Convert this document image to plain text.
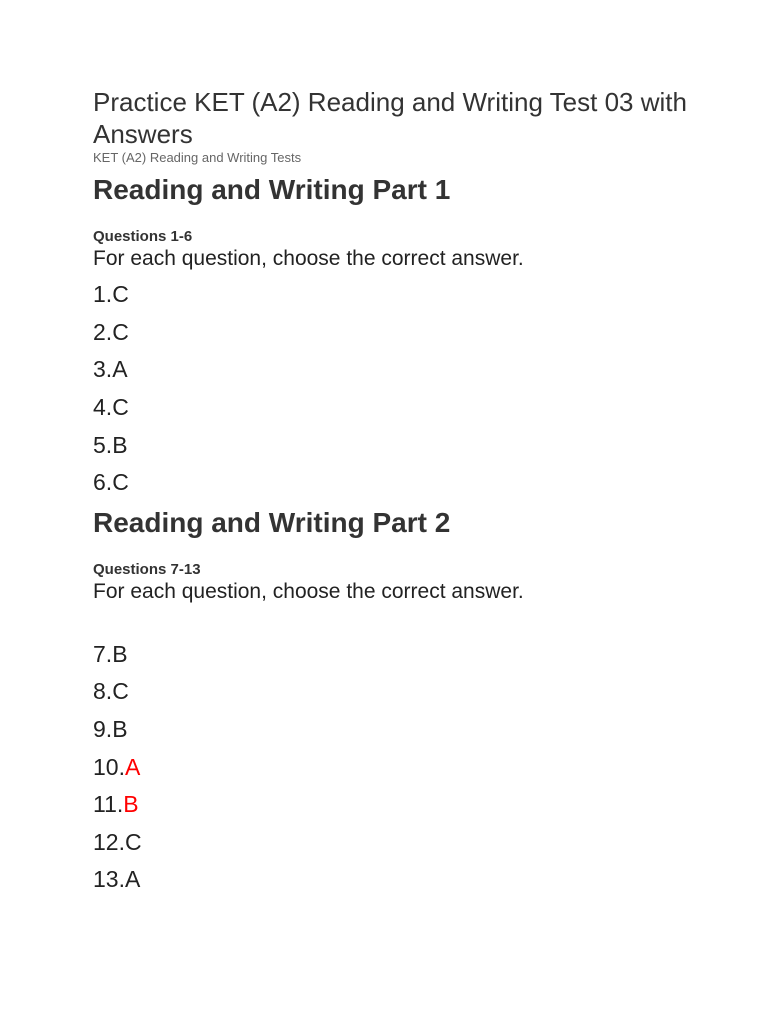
Practice KET (A2) Reading and Writing Test 03 with Answers

KET (A2) Reading and Writing Tests

Reading and Writing Part 1

Questions 1-6

For each question, choose the correct answer.

1. C
2. C
3. A
4. C
5. B
6. C
Reading and Writing Part 2

Questions 7-13

For each question, choose the correct answer.

7. B
8. C
9. B
10. A
11. B
12. C
13. A
